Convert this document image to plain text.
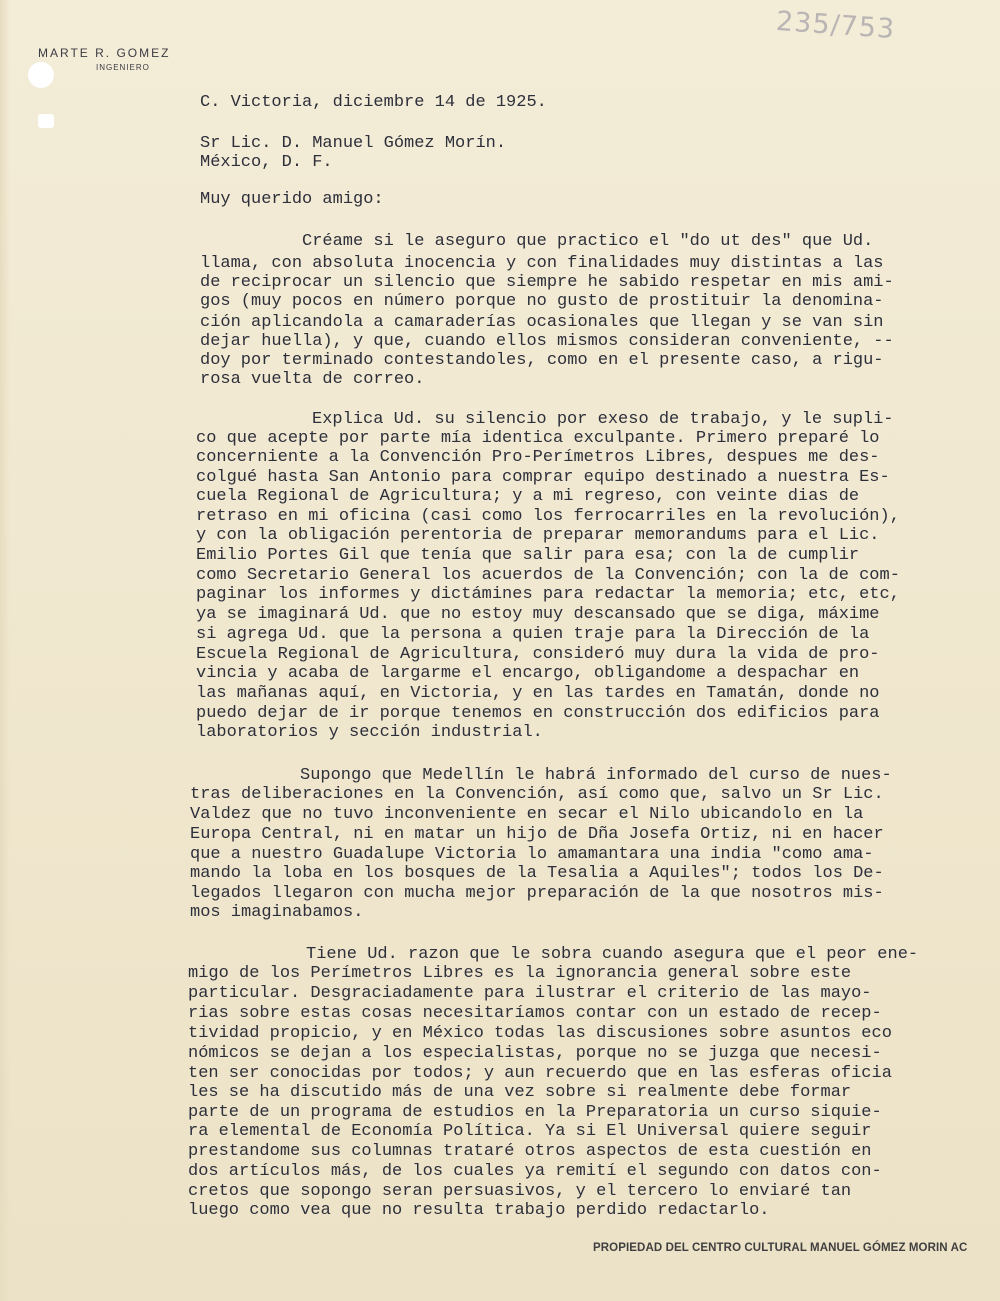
MARTE R. GOMEZ
INGENIERO
235/753
C. Victoria, diciembre 14 de 1925.
Sr Lic. D. Manuel Gómez Morín.
México, D. F.
Muy querido amigo:
Créame si le aseguro que practico el "do ut des" que Ud.
llama, con absoluta inocencia y con finalidades muy distintas a las
de reciprocar un silencio que siempre he sabido respetar en mis ami-
gos (muy pocos en número porque no gusto de prostituir la denomina-
ción aplicandola a camaraderías ocasionales que llegan y se van sin
dejar huella), y que, cuando ellos mismos consideran conveniente, --
doy por terminado contestandoles, como en el presente caso, a rigu-
rosa vuelta de correo.
Explica Ud. su silencio por exeso de trabajo, y le supli-
co que acepte por parte mía identica exculpante. Primero preparé lo
concerniente a la Convención Pro-Perímetros Libres, despues me des-
colgué hasta San Antonio para comprar equipo destinado a nuestra Es-
cuela Regional de Agricultura; y a mi regreso, con veinte dias de
retraso en mi oficina (casi como los ferrocarriles en la revolución),
y con la obligación perentoria de preparar memorandums para el Lic.
Emilio Portes Gil que tenía que salir para esa; con la de cumplir
como Secretario General los acuerdos de la Convención; con la de com-
paginar los informes y dictámines para redactar la memoria; etc, etc,
ya se imaginará Ud. que no estoy muy descansado que se diga, máxime
si agrega Ud. que la persona a quien traje para la Dirección de la
Escuela Regional de Agricultura, consideró muy dura la vida de pro-
vincia y acaba de largarme el encargo, obligandome a despachar en
las mañanas aquí, en Victoria, y en las tardes en Tamatán, donde no
puedo dejar de ir porque tenemos en construcción dos edificios para
laboratorios y sección industrial.
Supongo que Medellín le habrá informado del curso de nues-
tras deliberaciones en la Convención, así como que, salvo un Sr Lic.
Valdez que no tuvo inconveniente en secar el Nilo ubicandolo en la
Europa Central, ni en matar un hijo de Dña Josefa Ortiz, ni en hacer
que a nuestro Guadalupe Victoria lo amamantara una india "como ama-
mando la loba en los bosques de la Tesalia a Aquiles"; todos los De-
legados llegaron con mucha mejor preparación de la que nosotros mis-
mos imaginabamos.
Tiene Ud. razon que le sobra cuando asegura que el peor ene-
migo de los Perímetros Libres es la ignorancia general sobre este
particular. Desgraciadamente para ilustrar el criterio de las mayo-
rias sobre estas cosas necesitaríamos contar con un estado de recep-
tividad propicio, y en México todas las discusiones sobre asuntos eco
nómicos se dejan a los especialistas, porque no se juzga que necesi-
ten ser conocidas por todos; y aun recuerdo que en las esferas oficia
les se ha discutido más de una vez sobre si realmente debe formar
parte de un programa de estudios en la Preparatoria un curso siquie-
ra elemental de Economía Política. Ya si El Universal quiere seguir
prestandome sus columnas trataré otros aspectos de esta cuestión en
dos artículos más, de los cuales ya remití el segundo con datos con-
cretos que sopongo seran persuasivos, y el tercero lo enviaré tan
luego como vea que no resulta trabajo perdido redactarlo.
PROPIEDAD DEL CENTRO CULTURAL MANUEL GÓMEZ MORIN AC
